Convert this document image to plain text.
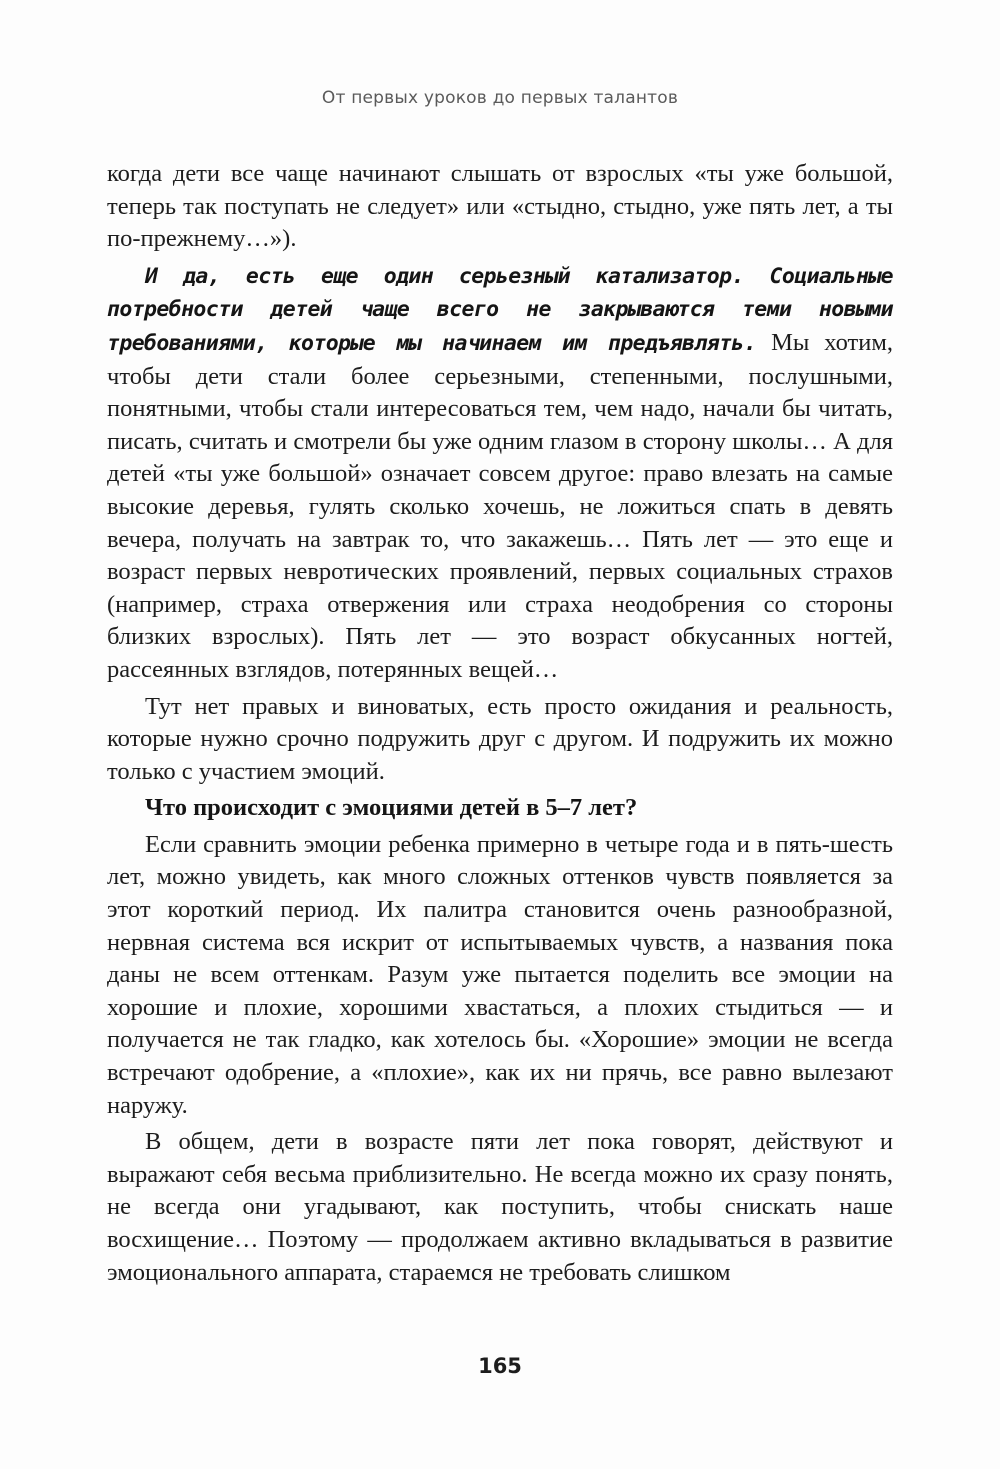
От первых уроков до первых талантов

когда дети все чаще начинают слышать от взрослых «ты уже большой, теперь так поступать не следует» или «стыдно, стыдно, уже пять лет, а ты по-прежнему…»).

И да, есть еще один серьезный катализатор. Социальные потребности детей чаще всего не закрываются теми новыми требованиями, которые мы начинаем им предъявлять. Мы хотим, чтобы дети стали более серьезными, степенными, послушными, понятными, чтобы стали интересоваться тем, чем надо, начали бы читать, писать, считать и смотрели бы уже одним глазом в сторону школы… А для детей «ты уже большой» означает совсем другое: право влезать на самые высокие деревья, гулять сколько хочешь, не ложиться спать в девять вечера, получать на завтрак то, что закажешь… Пять лет — это еще и возраст первых невротических проявлений, первых социальных страхов (например, страха отвержения или страха неодобрения со стороны близких взрослых). Пять лет — это возраст обкусанных ногтей, рассеянных взглядов, потерянных вещей…

Тут нет правых и виноватых, есть просто ожидания и реальность, которые нужно срочно подружить друг с другом. И подружить их можно только с участием эмоций.

Что происходит с эмоциями детей в 5–7 лет?

Если сравнить эмоции ребенка примерно в четыре года и в пять-шесть лет, можно увидеть, как много сложных оттенков чувств появляется за этот короткий период. Их палитра становится очень разнообразной, нервная система вся искрит от испытываемых чувств, а названия пока даны не всем оттенкам. Разум уже пытается поделить все эмоции на хорошие и плохие, хорошими хвастаться, а плохих стыдиться — и получается не так гладко, как хотелось бы. «Хорошие» эмоции не всегда встречают одобрение, а «плохие», как их ни прячь, все равно вылезают наружу.

В общем, дети в возрасте пяти лет пока говорят, действуют и выражают себя весьма приблизительно. Не всегда можно их сразу понять, не всегда они угадывают, как поступить, чтобы снискать наше восхищение… Поэтому — продолжаем активно вкладываться в развитие эмоционального аппарата, стараемся не требовать слишком

165
